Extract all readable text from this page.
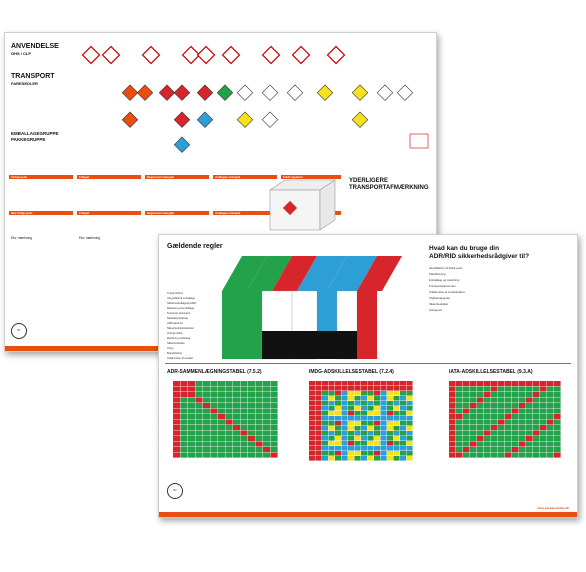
ANVENDELSE
GHS / CLP
TRANSPORT
FARESEDLER
EMBALLAGEGRUPPE
PAKKEGRUPPE
Farligt gods	Fritaget	Begrænset mængde	Undtagen mængde	Fuldt reguleret
Ikke farligt gods	Fritaget	Begrænset mængde	Undtagen mængde
Ekv. mærkning	Ekv. mærkning
YDERLIGERE
TRANSPORTAFMÆRKNING
BV
Gældende regler
Transportform
UN-godkendt emballage
Sikkerhedsrådgiver(ADR)
Mærkning af emballage
Transport-dokument
Nødudstyr/køretøj
ADR-kørekort
Sikkerhedsinstruktioner
Orange skilte
Mærkning af køretøj
Sikkerhedsplan
Tilsyn
Brandslukker
Uddannelse af ansatte
Hvad kan du bruge din
ADR/RID sikkerhedsrådgiver til?
Identifikation af farligt gods
Klassificering
Emballage og mærkning
Transportdokumenter
Uddannelse af medarbejdere
Ulykkesrapporter
Sikkerhedsplan
Årsrapport
ADR-SAMMENLÆGNINGSTABEL (7.5.2)	IMDG-ADSKILLELSESTABEL (7.2.4)	IATA-ADSKILLELSESTABEL (9.3.A)
BV
shop.bureauveritas.dk
